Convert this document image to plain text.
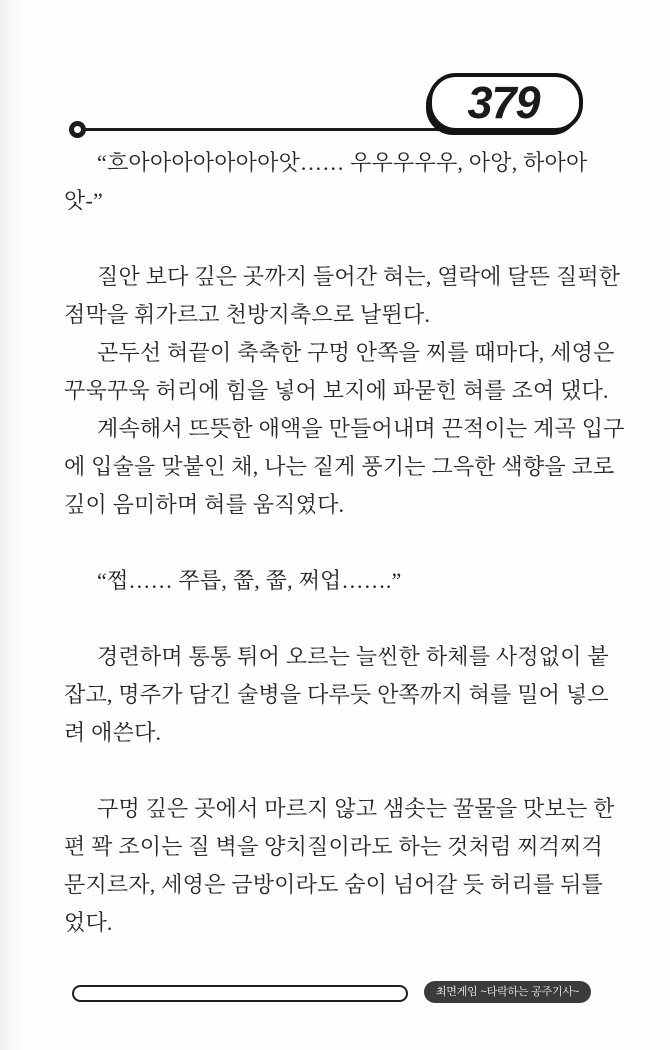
379

“흐아아아아아아아앗…… 우우우우우, 아앙, 하아아
앗-”

질안 보다 깊은 곳까지 들어간 혀는, 열락에 달뜬 질퍽한
점막을 휘가르고 천방지축으로 날뛴다.

곤두선 혀끝이 축축한 구멍 안쪽을 찌를 때마다, 세영은
꾸욱꾸욱 허리에 힘을 넣어 보지에 파묻힌 혀를 조여 댔다.

계속해서 뜨뜻한 애액을 만들어내며 끈적이는 계곡 입구
에 입술을 맞붙인 채, 나는 짙게 풍기는 그윽한 색향을 코로
깊이 음미하며 혀를 움직였다.

“쩝…… 쭈릅, 쭙, 쭙, 쩌업…….”

경련하며 통통 튀어 오르는 늘씬한 하체를 사정없이 붙
잡고, 명주가 담긴 술병을 다루듯 안쪽까지 혀를 밀어 넣으
려 애쓴다.

구멍 깊은 곳에서 마르지 않고 샘솟는 꿀물을 맛보는 한
편 꽉 조이는 질 벽을 양치질이라도 하는 것처럼 찌걱찌걱
문지르자, 세영은 금방이라도 숨이 넘어갈 듯 허리를 뒤틀
었다.

최면게임 ~타락하는 공주기사~
